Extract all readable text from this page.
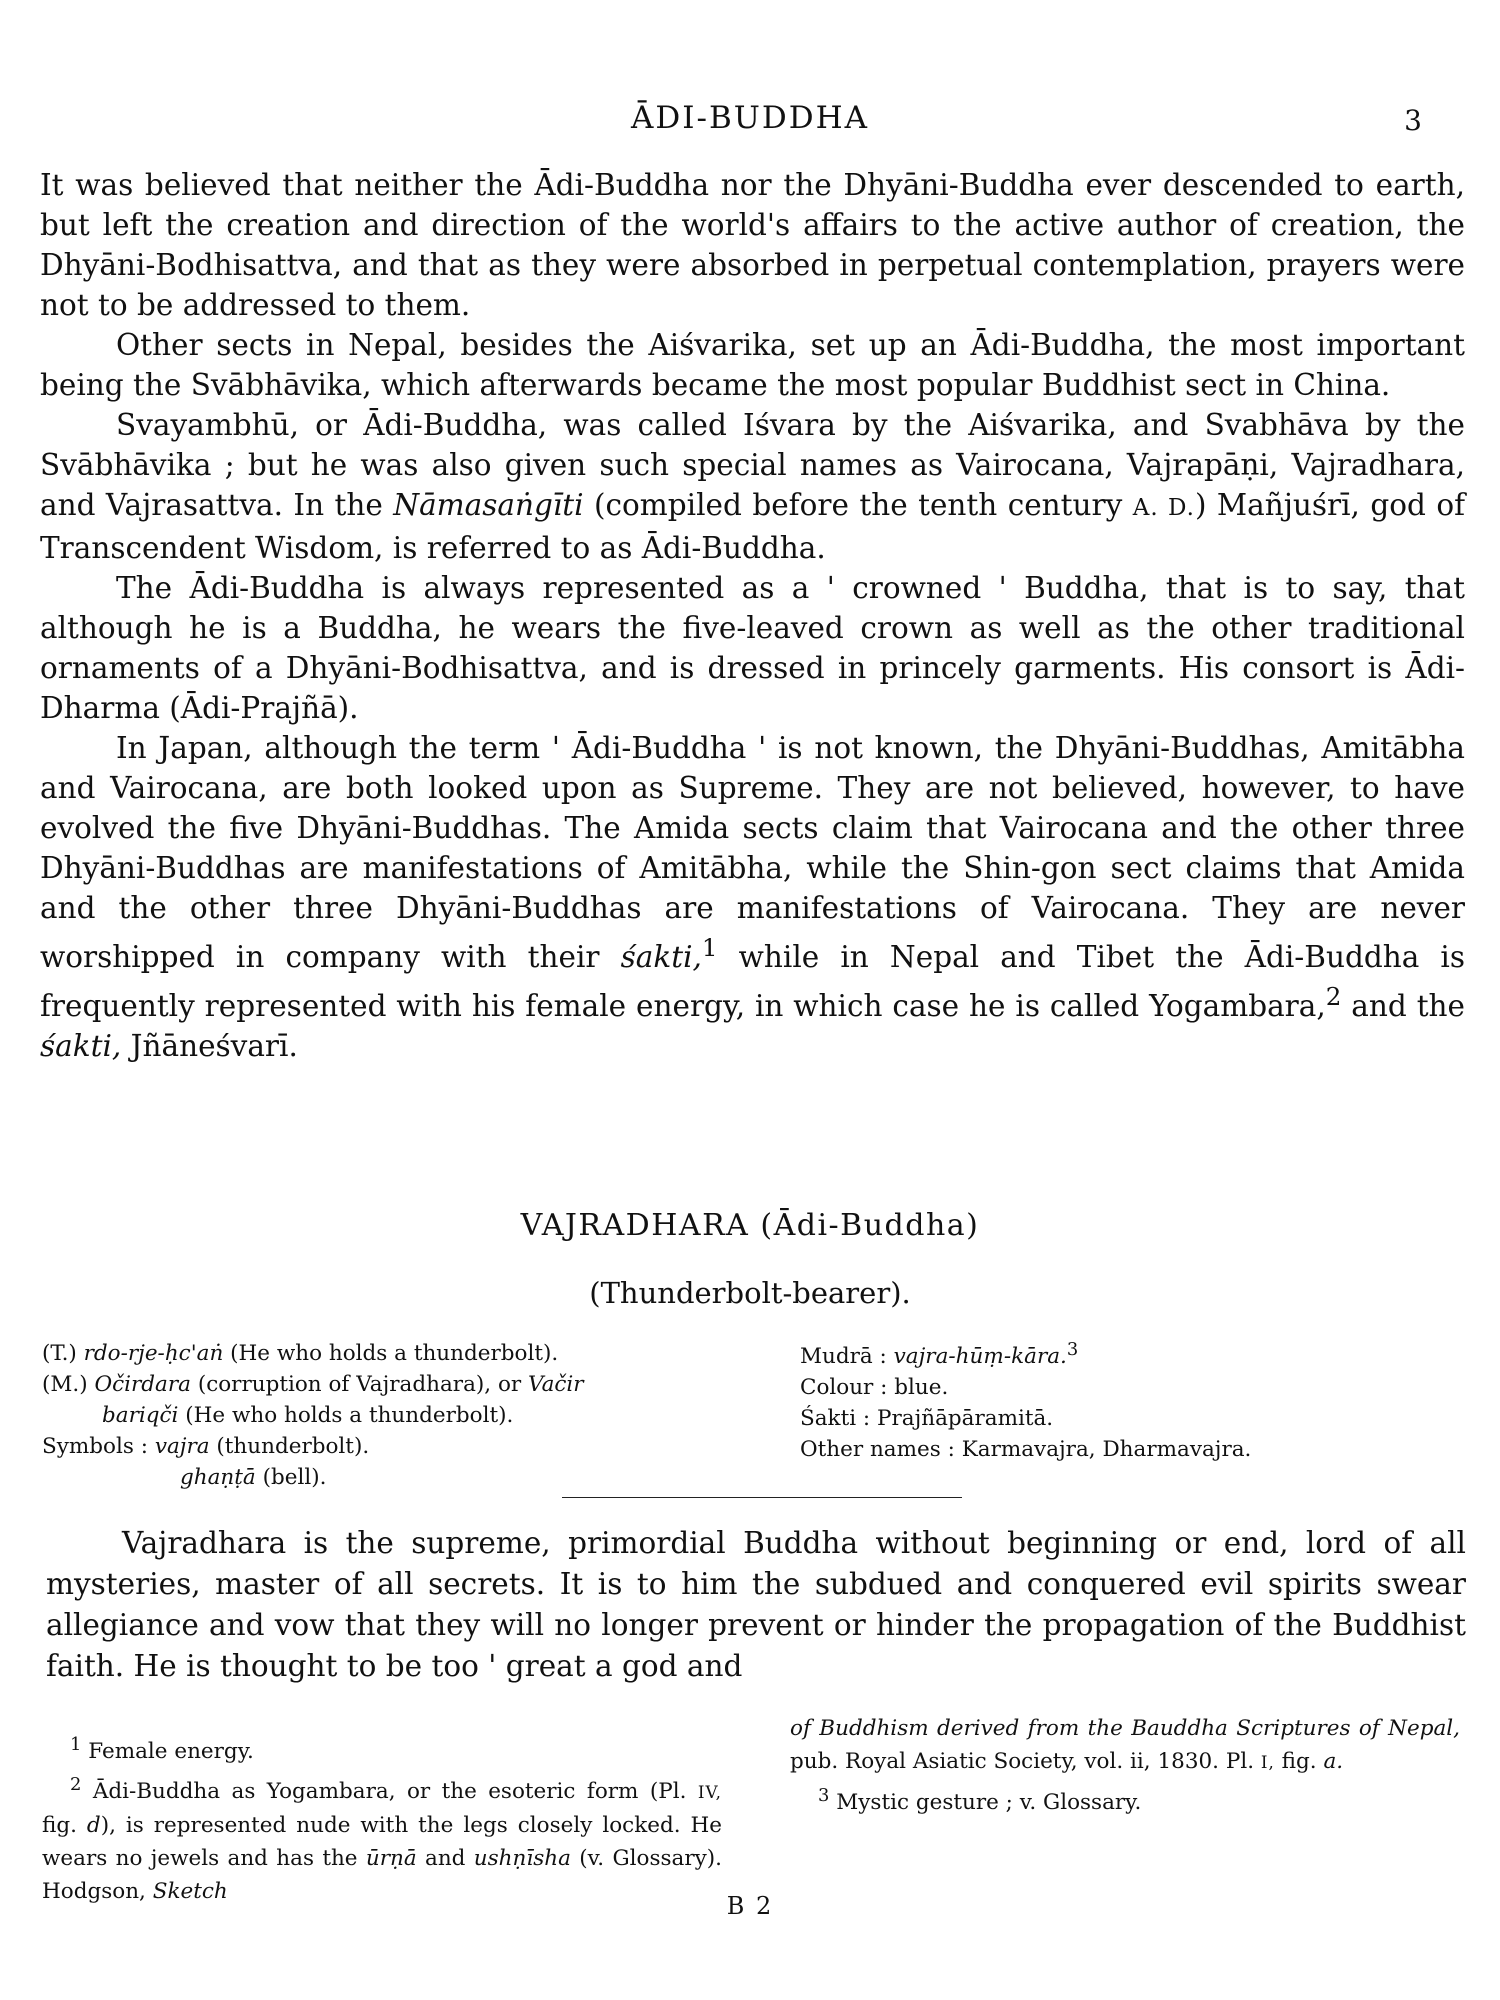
ĀDI-BUDDHA	3

It was believed that neither the Ādi-Buddha nor the Dhyāni-Buddha ever descended to earth, but left the creation and direction of the world's affairs to the active author of creation, the Dhyāni-Bodhisattva, and that as they were absorbed in perpetual contemplation, prayers were not to be addressed to them.

Other sects in Nepal, besides the Aiśvarika, set up an Ādi-Buddha, the most important being the Svābhāvika, which afterwards became the most popular Buddhist sect in China.

Svayambhū, or Ādi-Buddha, was called Iśvara by the Aiśvarika, and Svabhāva by the Svābhāvika ; but he was also given such special names as Vairocana, Vajrapāṇi, Vajradhara, and Vajrasattva. In the Nāmasaṅgīti (compiled before the tenth century A. D.) Mañjuśrī, god of Transcendent Wisdom, is referred to as Ādi-Buddha.

The Ādi-Buddha is always represented as a ' crowned ' Buddha, that is to say, that although he is a Buddha, he wears the five-leaved crown as well as the other traditional ornaments of a Dhyāni-Bodhisattva, and is dressed in princely garments. His consort is Ādi-Dharma (Ādi-Prajñā).

In Japan, although the term ' Ādi-Buddha ' is not known, the Dhyāni-Buddhas, Amitābha and Vairocana, are both looked upon as Supreme. They are not believed, however, to have evolved the five Dhyāni-Buddhas. The Amida sects claim that Vairocana and the other three Dhyāni-Buddhas are manifestations of Amitābha, while the Shin-gon sect claims that Amida and the other three Dhyāni-Buddhas are manifestations of Vairocana. They are never worshipped in company with their śakti,$^1$ while in Nepal and Tibet the Ādi-Buddha is frequently represented with his female energy, in which case he is called Yogambara,$^2$ and the śakti, Jñāneśvarī.

VAJRADHARA (Ādi-Buddha)
(Thunderbolt-bearer).
(T.) rdo-rje-ḥc'aṅ (He who holds a thunderbolt).
(M.) Očirdara (corruption of Vajradhara), or Vačir
bariqči (He who holds a thunderbolt).
Symbols : vajra (thunderbolt).
ghaṇṭā (bell).
Mudrā : vajra-hūṃ-kāra.$^3$
Colour : blue.
Śakti : Prajñāpāramitā.
Other names : Karmavajra, Dharmavajra.

Vajradhara is the supreme, primordial Buddha without beginning or end, lord of all mysteries, master of all secrets. It is to him the subdued and conquered evil spirits swear allegiance and vow that they will no longer prevent or hinder the propagation of the Buddhist faith. He is thought to be too ' great a god and

$^1$ Female energy.

$^2$ Ādi-Buddha as Yogambara, or the esoteric form (Pl. IV, fig. d), is represented nude with the legs closely locked. He wears no jewels and has the ūrṇā and ushṇīsha (v. Glossary). Hodgson, Sketch

of Buddhism derived from the Bauddha Scriptures of Nepal, pub. Royal Asiatic Society, vol. ii, 1830. Pl. I, fig. a.

$^3$ Mystic gesture ; v. Glossary.

B 2
